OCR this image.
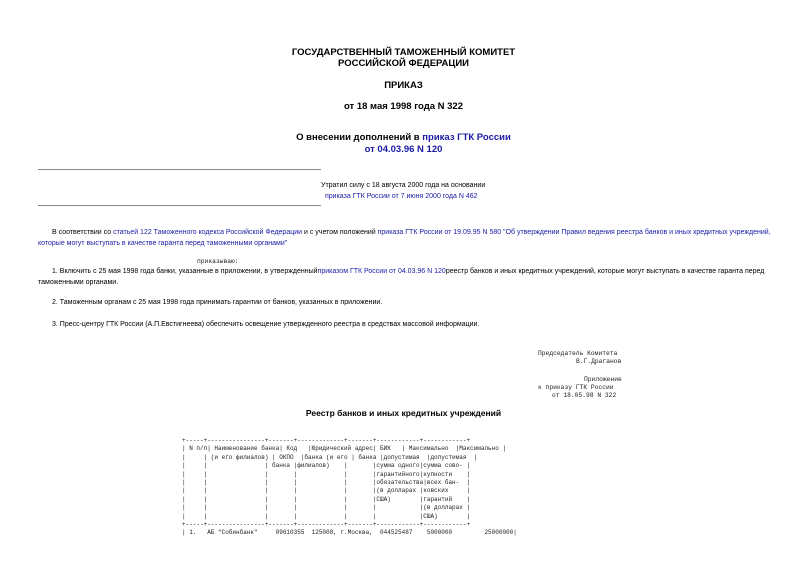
ГОСУДАРСТВЕННЫЙ ТАМОЖЕННЫЙ КОМИТЕТ
РОССИЙСКОЙ ФЕДЕРАЦИИ
ПРИКАЗ
от 18 мая 1998 года N 322
О внесении дополнений в приказ ГТК России
от 04.03.96 N 120
Утратил силу с 18 августа 2000 года на основании
приказа ГТК России от 7 июня 2000 года N 462
В соответствии со статьей 122 Таможенного кодекса Российской Федерации и с учетом положений приказа ГТК России от 19.09.95 N 580 "Об утверждении Правил ведения реестра банков и иных кредитных учреждений, которые могут выступать в качестве гаранта перед таможенными органами"
приказываю:
1. Включить с 25 мая 1998 года банки, указанные в приложении, в утвержденныйприказом ГТК России от 04.03.96 N 120реестр банков и иных кредитных учреждений, которые могут выступать в качестве гаранта перед таможенными органами.
2. Таможенным органам с 25 мая 1998 года принимать гарантии от банков, указанных в приложении.
3. Пресс-центру ГТК России (А.П.Евстигнеева) обеспечить освещение утвержденного реестра в средствах массовой информации.
Председатель Комитета
В.Г.Драганов
Приложение
к приказу ГТК России
от 18.05.98 N 322
Реестр банков и иных кредитных учреждений
+-----+----------------+-------+-------------+-------+------------+------------+
| N п/п| Наименование банка| Код   |Юридический адрес| БИК   | Максимально  |Максимально |
|     | (и его филиалов) | ОКПО  |банка (и его | банка |допустимая  |допустимая  |
|     |                | банка |филиалов)    |       |сумма одного|сумма сово- |
|     |                |       |             |       |гарантийного|купности    |
|     |                |       |             |       |обязательства|всех бан-  |
|     |                |       |             |       |(в долларах |ковских     |
|     |                |       |             |       |США)        |гарантий    |
|     |                |       |             |       |            |(в долларах |
|     |                |       |             |       |            |США)        |
+-----+----------------+-------+-------------+-------+------------+------------+
| 1.   АБ "Собинбанк"     09610355  125008, г.Москва,  044525487    5000000         25000000|
